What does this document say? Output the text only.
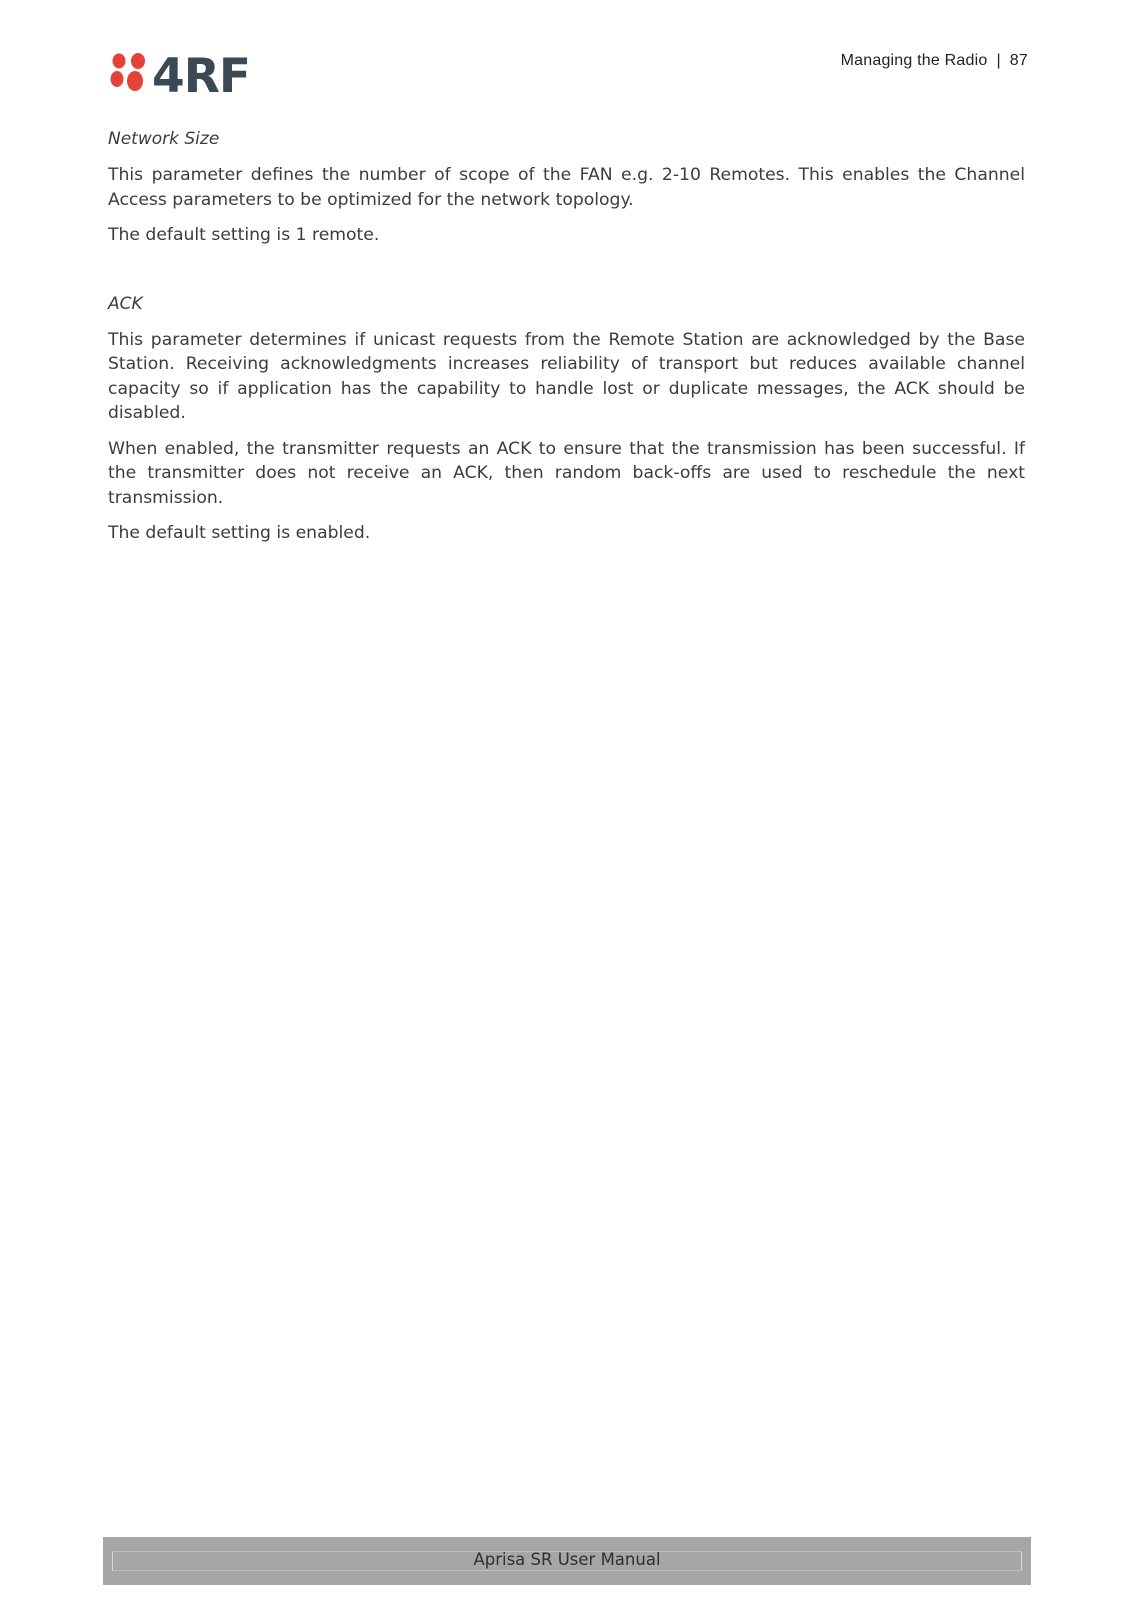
4RF	Managing the Radio | 87
Network Size

This parameter defines the number of scope of the FAN e.g. 2-10 Remotes. This enables the Channel Access parameters to be optimized for the network topology.

The default setting is 1 remote.

ACK

This parameter determines if unicast requests from the Remote Station are acknowledged by the Base Station. Receiving acknowledgments increases reliability of transport but reduces available channel capacity so if application has the capability to handle lost or duplicate messages, the ACK should be disabled.

When enabled, the transmitter requests an ACK to ensure that the transmission has been successful. If the transmitter does not receive an ACK, then random back-offs are used to reschedule the next transmission.

The default setting is enabled.

Aprisa SR User Manual
